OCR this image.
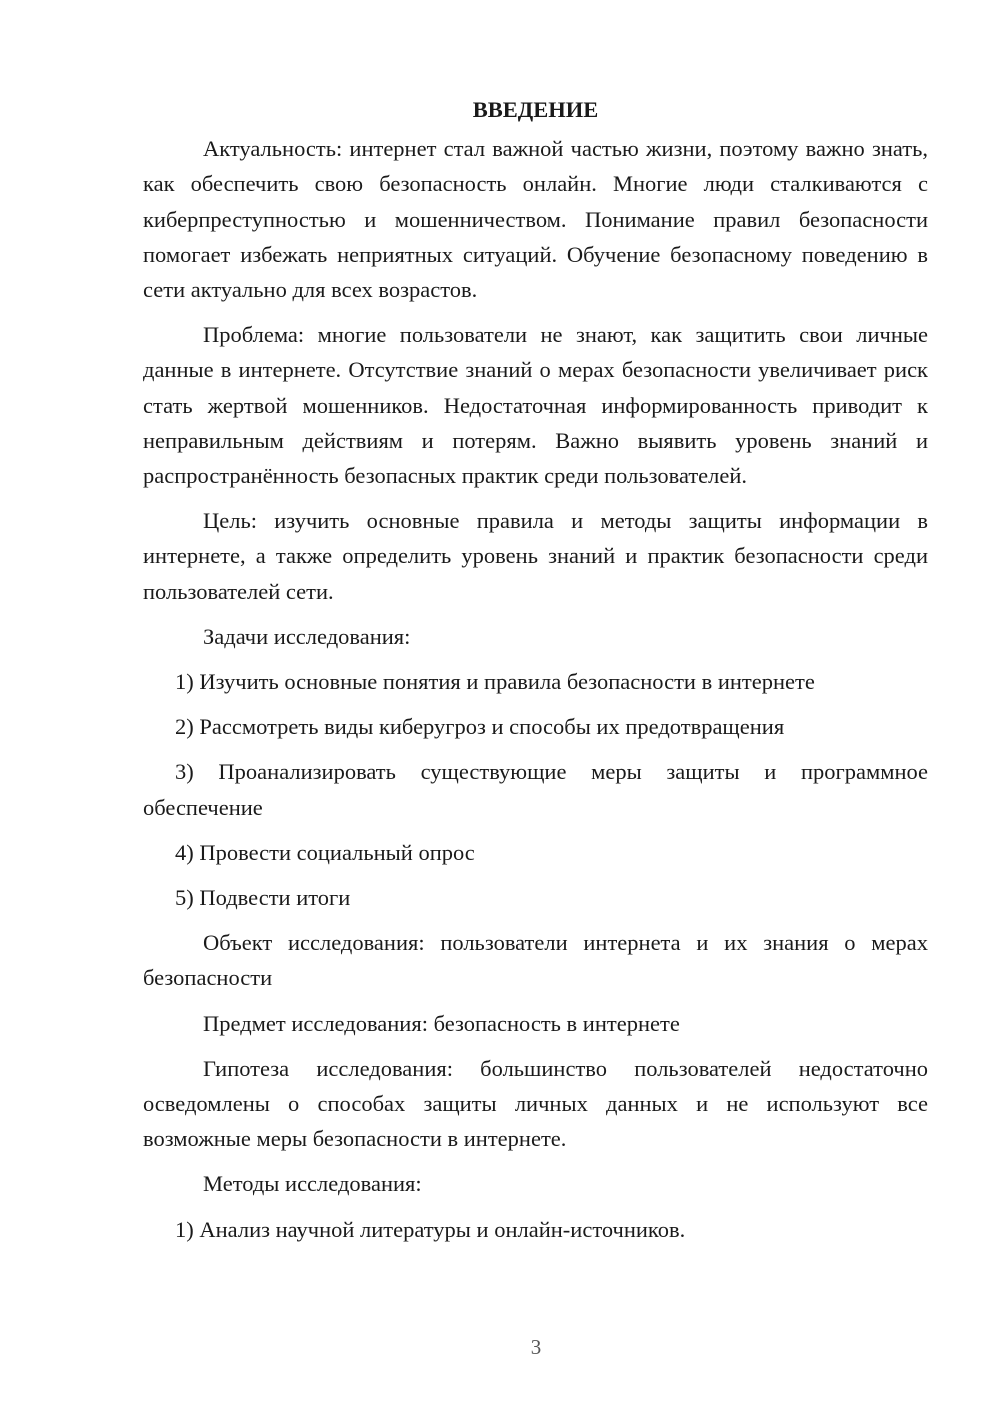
ВВЕДЕНИЕ

Актуальность: интернет стал важной частью жизни, поэтому важно знать, как обеспечить свою безопасность онлайн. Многие люди сталкиваются с киберпреступностью и мошенничеством. Понимание правил безопасности помогает избежать неприятных ситуаций. Обучение безопасному поведению в сети актуально для всех возрастов.

Проблема: многие пользователи не знают, как защитить свои личные данные в интернете. Отсутствие знаний о мерах безопасности увеличивает риск стать жертвой мошенников. Недостаточная информированность приводит к неправильным действиям и потерям. Важно выявить уровень знаний и распространённость безопасных практик среди пользователей.

Цель: изучить основные правила и методы защиты информации в интернете, а также определить уровень знаний и практик безопасности среди пользователей сети.

Задачи исследования:

1) Изучить основные понятия и правила безопасности в интернете
2) Рассмотреть виды киберугроз и способы их предотвращения
3) Проанализировать существующие меры защиты и программное обеспечение
4) Провести социальный опрос
5) Подвести итоги

Объект исследования: пользователи интернета и их знания о мерах безопасности

Предмет исследования: безопасность в интернете

Гипотеза исследования: большинство пользователей недостаточно осведомлены о способах защиты личных данных и не используют все возможные меры безопасности в интернете.

Методы исследования:

1) Анализ научной литературы и онлайн-источников.
3
